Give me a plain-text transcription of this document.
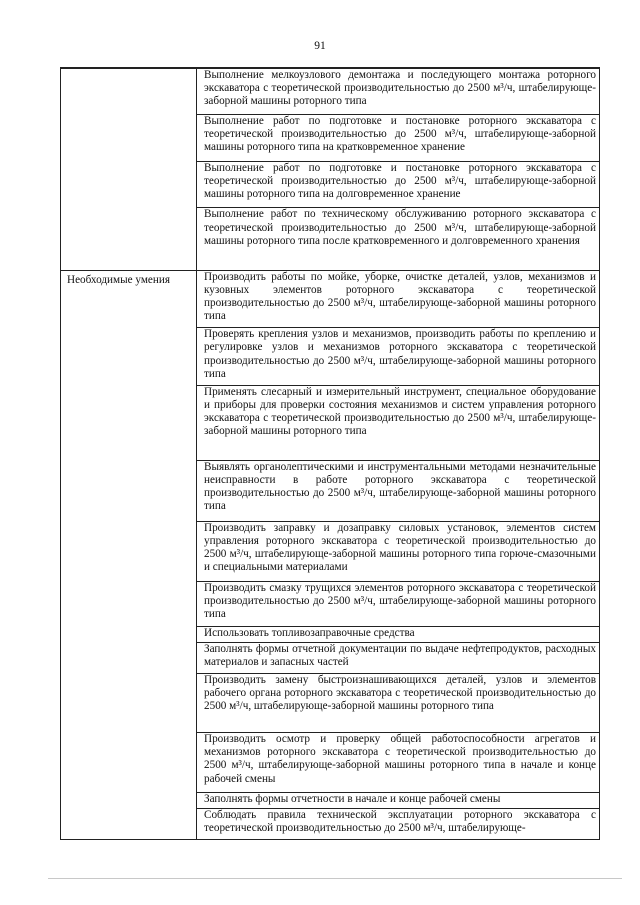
91
	Выполнение мелкоузлового демонтажа и последующего монтажа роторного экскаватора с теоретической производительностью до 2500 м³/ч, штабелирующе-заборной машины роторного типа
	Выполнение работ по подготовке и постановке роторного экскаватора с теоретической производительностью до 2500 м³/ч, штабелирующе-заборной машины роторного типа на кратковременное хранение
	Выполнение работ по подготовке и постановке роторного экскаватора с теоретической производительностью до 2500 м³/ч, штабелирующе-заборной машины роторного типа на долговременное хранение
	Выполнение работ по техническому обслуживанию роторного экскаватора с теоретической производительностью до 2500 м³/ч, штабелирующе-заборной машины роторного типа после кратковременного и долговременного хранения
Необходимые умения	Производить работы по мойке, уборке, очистке деталей, узлов, механизмов и кузовных элементов роторного экскаватора с теоретической производительностью до 2500 м³/ч, штабелирующе-заборной машины роторного типа
	Проверять крепления узлов и механизмов, производить работы по креплению и регулировке узлов и механизмов роторного экскаватора с теоретической производительностью до 2500 м³/ч, штабелирующе-заборной машины роторного типа
	Применять слесарный и измерительный инструмент, специальное оборудование и приборы для проверки состояния механизмов и систем управления роторного экскаватора с теоретической производительностью до 2500 м³/ч, штабелирующе-заборной машины роторного типа
	Выявлять органолептическими и инструментальными методами незначительные неисправности в работе роторного экскаватора с теоретической производительностью до 2500 м³/ч, штабелирующе-заборной машины роторного типа
	Производить заправку и дозаправку силовых установок, элементов систем управления роторного экскаватора с теоретической производительностью до 2500 м³/ч, штабелирующе-заборной машины роторного типа горюче-смазочными и специальными материалами
	Производить смазку трущихся элементов роторного экскаватора с теоретической производительностью до 2500 м³/ч, штабелирующе-заборной машины роторного типа
	Использовать топливозаправочные средства
	Заполнять формы отчетной документации по выдаче нефтепродуктов, расходных материалов и запасных частей
	Производить замену быстроизнашивающихся деталей, узлов и элементов рабочего органа роторного экскаватора с теоретической производительностью до 2500 м³/ч, штабелирующе-заборной машины роторного типа
	Производить осмотр и проверку общей работоспособности агрегатов и механизмов роторного экскаватора с теоретической производительностью до 2500 м³/ч, штабелирующе-заборной машины роторного типа в начале и конце рабочей смены
	Заполнять формы отчетности в начале и конце рабочей смены
	Соблюдать правила технической эксплуатации роторного экскаватора с теоретической производительностью до 2500 м³/ч, штабелирующе-
